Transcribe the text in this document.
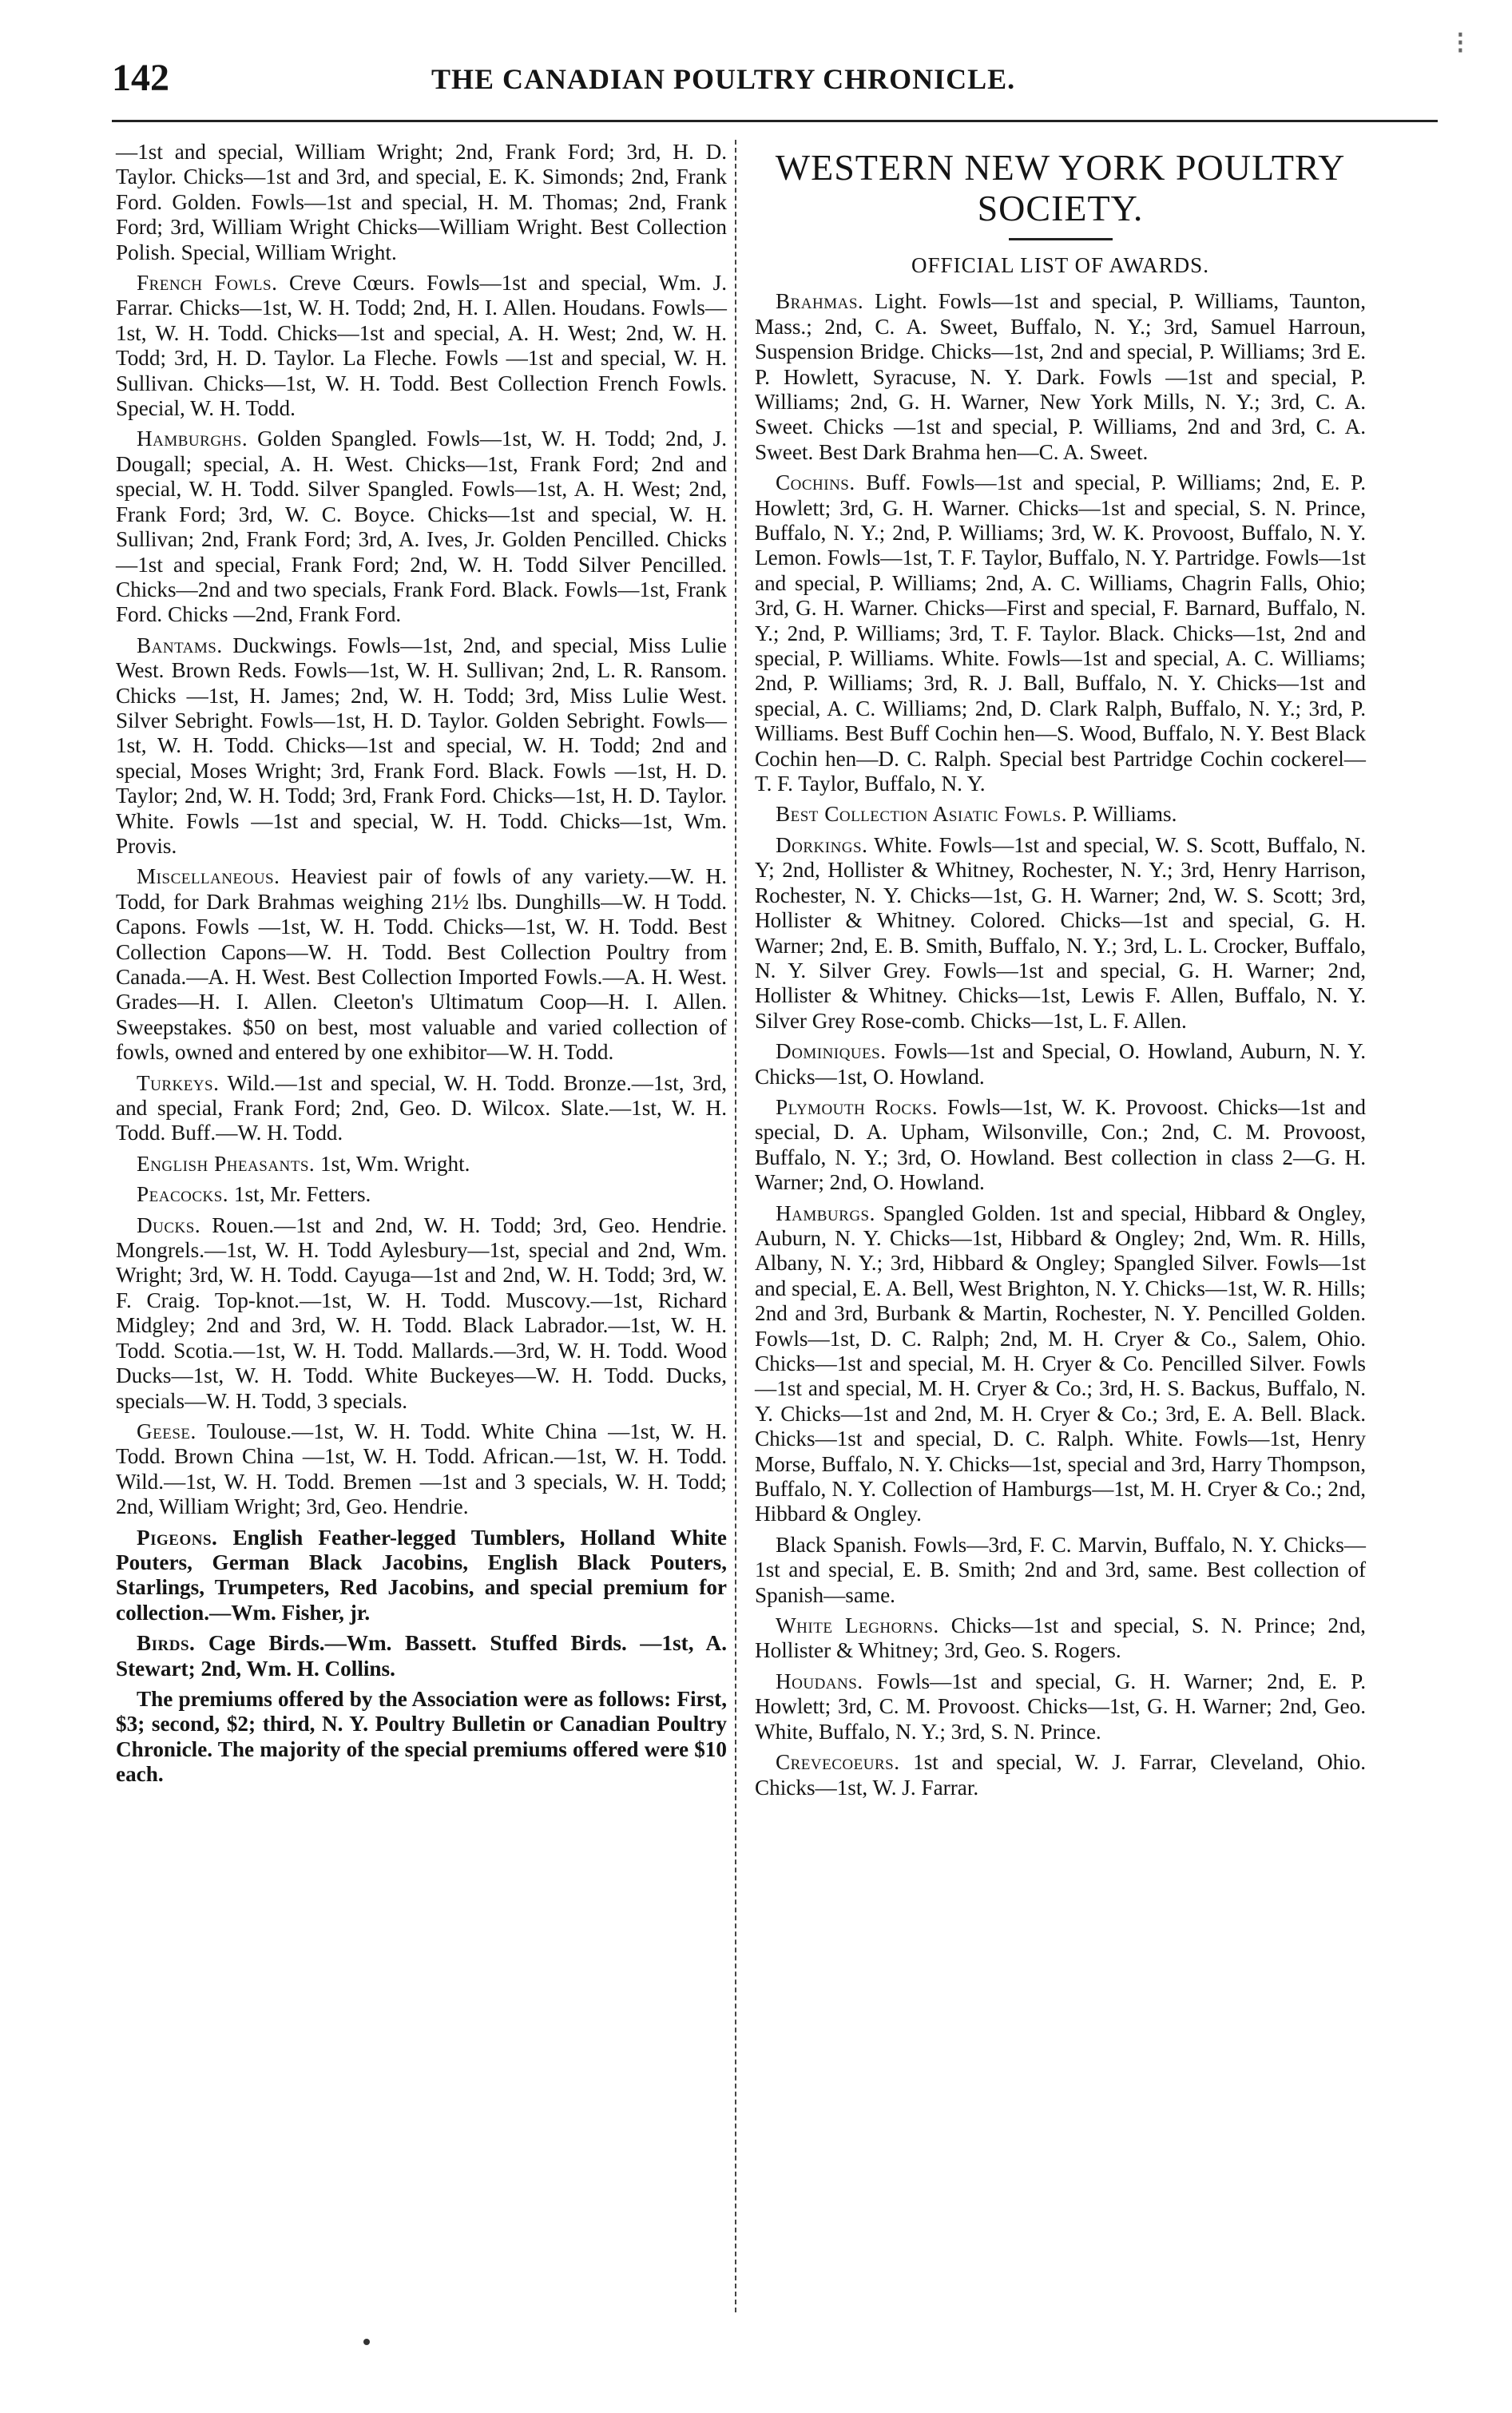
142	THE CANADIAN POULTRY CHRONICLE.

—1st and special, William Wright; 2nd, Frank Ford; 3rd, H. D. Taylor. Chicks—1st and 3rd, and special, E. K. Simonds; 2nd, Frank Ford. Golden. Fowls—1st and special, H. M. Thomas; 2nd, Frank Ford; 3rd, William Wright Chicks—William Wright. Best Collection Polish. Special, William Wright.

French Fowls. Creve Cœurs. Fowls—1st and special, Wm. J. Farrar. Chicks—1st, W. H. Todd; 2nd, H. I. Allen. Houdans. Fowls—1st, W. H. Todd. Chicks—1st and special, A. H. West; 2nd, W. H. Todd; 3rd, H. D. Taylor. La Fleche. Fowls —1st and special, W. H. Sullivan. Chicks—1st, W. H. Todd. Best Collection French Fowls. Special, W. H. Todd.

Hamburghs. Golden Spangled. Fowls—1st, W. H. Todd; 2nd, J. Dougall; special, A. H. West. Chicks—1st, Frank Ford; 2nd and special, W. H. Todd. Silver Spangled. Fowls—1st, A. H. West; 2nd, Frank Ford; 3rd, W. C. Boyce. Chicks—1st and special, W. H. Sullivan; 2nd, Frank Ford; 3rd, A. Ives, Jr. Golden Pencilled. Chicks—1st and special, Frank Ford; 2nd, W. H. Todd Silver Pencilled. Chicks—2nd and two specials, Frank Ford. Black. Fowls—1st, Frank Ford. Chicks —2nd, Frank Ford.

Bantams. Duckwings. Fowls—1st, 2nd, and special, Miss Lulie West. Brown Reds. Fowls—1st, W. H. Sullivan; 2nd, L. R. Ransom. Chicks —1st, H. James; 2nd, W. H. Todd; 3rd, Miss Lulie West. Silver Sebright. Fowls—1st, H. D. Taylor. Golden Sebright. Fowls—1st, W. H. Todd. Chicks—1st and special, W. H. Todd; 2nd and special, Moses Wright; 3rd, Frank Ford. Black. Fowls —1st, H. D. Taylor; 2nd, W. H. Todd; 3rd, Frank Ford. Chicks—1st, H. D. Taylor. White. Fowls —1st and special, W. H. Todd. Chicks—1st, Wm. Provis.

Miscellaneous. Heaviest pair of fowls of any variety.—W. H. Todd, for Dark Brahmas weighing 21½ lbs. Dunghills—W. H Todd. Capons. Fowls —1st, W. H. Todd. Chicks—1st, W. H. Todd. Best Collection Capons—W. H. Todd. Best Collection Poultry from Canada.—A. H. West. Best Collection Imported Fowls.—A. H. West. Grades—H. I. Allen. Cleeton's Ultimatum Coop—H. I. Allen. Sweepstakes. $50 on best, most valuable and varied collection of fowls, owned and entered by one exhibitor—W. H. Todd.

Turkeys. Wild.—1st and special, W. H. Todd. Bronze.—1st, 3rd, and special, Frank Ford; 2nd, Geo. D. Wilcox. Slate.—1st, W. H. Todd. Buff.—W. H. Todd.

English Pheasants. 1st, Wm. Wright.

Peacocks. 1st, Mr. Fetters.

Ducks. Rouen.—1st and 2nd, W. H. Todd; 3rd, Geo. Hendrie. Mongrels.—1st, W. H. Todd Aylesbury—1st, special and 2nd, Wm. Wright; 3rd, W. H. Todd. Cayuga—1st and 2nd, W. H. Todd; 3rd, W. F. Craig. Top-knot.—1st, W. H. Todd. Muscovy.—1st, Richard Midgley; 2nd and 3rd, W. H. Todd. Black Labrador.—1st, W. H. Todd. Scotia.—1st, W. H. Todd. Mallards.—3rd, W. H. Todd. Wood Ducks—1st, W. H. Todd. White Buckeyes—W. H. Todd. Ducks, specials—W. H. Todd, 3 specials.

Geese. Toulouse.—1st, W. H. Todd. White China —1st, W. H. Todd. Brown China —1st, W. H. Todd. African.—1st, W. H. Todd. Wild.—1st, W. H. Todd. Bremen —1st and 3 specials, W. H. Todd; 2nd, William Wright; 3rd, Geo. Hendrie.

Pigeons. English Feather-legged Tumblers, Holland White Pouters, German Black Jacobins, English Black Pouters, Starlings, Trumpeters, Red Jacobins, and special premium for collection.—Wm. Fisher, jr.

Birds. Cage Birds.—Wm. Bassett. Stuffed Birds. —1st, A. Stewart; 2nd, Wm. H. Collins.

The premiums offered by the Association were as follows: First, $3; second, $2; third, N. Y. Poultry Bulletin or Canadian Poultry Chronicle. The majority of the special premiums offered were $10 each.

WESTERN NEW YORK POULTRY SOCIETY.
OFFICIAL LIST OF AWARDS.

Brahmas. Light. Fowls—1st and special, P. Williams, Taunton, Mass.; 2nd, C. A. Sweet, Buffalo, N. Y.; 3rd, Samuel Harroun, Suspension Bridge. Chicks—1st, 2nd and special, P. Williams; 3rd E. P. Howlett, Syracuse, N. Y. Dark. Fowls —1st and special, P. Williams; 2nd, G. H. Warner, New York Mills, N. Y.; 3rd, C. A. Sweet. Chicks —1st and special, P. Williams, 2nd and 3rd, C. A. Sweet. Best Dark Brahma hen—C. A. Sweet.

Cochins. Buff. Fowls—1st and special, P. Williams; 2nd, E. P. Howlett; 3rd, G. H. Warner. Chicks—1st and special, S. N. Prince, Buffalo, N. Y.; 2nd, P. Williams; 3rd, W. K. Provoost, Buffalo, N. Y. Lemon. Fowls—1st, T. F. Taylor, Buffalo, N. Y. Partridge. Fowls—1st and special, P. Williams; 2nd, A. C. Williams, Chagrin Falls, Ohio; 3rd, G. H. Warner. Chicks—First and special, F. Barnard, Buffalo, N. Y.; 2nd, P. Williams; 3rd, T. F. Taylor. Black. Chicks—1st, 2nd and special, P. Williams. White. Fowls—1st and special, A. C. Williams; 2nd, P. Williams; 3rd, R. J. Ball, Buffalo, N. Y. Chicks—1st and special, A. C. Williams; 2nd, D. Clark Ralph, Buffalo, N. Y.; 3rd, P. Williams. Best Buff Cochin hen—S. Wood, Buffalo, N. Y. Best Black Cochin hen—D. C. Ralph. Special best Partridge Cochin cockerel—T. F. Taylor, Buffalo, N. Y.

Best Collection Asiatic Fowls. P. Williams.

Dorkings. White. Fowls—1st and special, W. S. Scott, Buffalo, N. Y; 2nd, Hollister & Whitney, Rochester, N. Y.; 3rd, Henry Harrison, Rochester, N. Y. Chicks—1st, G. H. Warner; 2nd, W. S. Scott; 3rd, Hollister & Whitney. Colored. Chicks—1st and special, G. H. Warner; 2nd, E. B. Smith, Buffalo, N. Y.; 3rd, L. L. Crocker, Buffalo, N. Y. Silver Grey. Fowls—1st and special, G. H. Warner; 2nd, Hollister & Whitney. Chicks—1st, Lewis F. Allen, Buffalo, N. Y. Silver Grey Rose-comb. Chicks—1st, L. F. Allen.

Dominiques. Fowls—1st and Special, O. Howland, Auburn, N. Y. Chicks—1st, O. Howland.

Plymouth Rocks. Fowls—1st, W. K. Provoost. Chicks—1st and special, D. A. Upham, Wilsonville, Con.; 2nd, C. M. Provoost, Buffalo, N. Y.; 3rd, O. Howland. Best collection in class 2—G. H. Warner; 2nd, O. Howland.

Hamburgs. Spangled Golden. 1st and special, Hibbard & Ongley, Auburn, N. Y. Chicks—1st, Hibbard & Ongley; 2nd, Wm. R. Hills, Albany, N. Y.; 3rd, Hibbard & Ongley; Spangled Silver. Fowls—1st and special, E. A. Bell, West Brighton, N. Y. Chicks—1st, W. R. Hills; 2nd and 3rd, Burbank & Martin, Rochester, N. Y. Pencilled Golden. Fowls—1st, D. C. Ralph; 2nd, M. H. Cryer & Co., Salem, Ohio. Chicks—1st and special, M. H. Cryer & Co. Pencilled Silver. Fowls—1st and special, M. H. Cryer & Co.; 3rd, H. S. Backus, Buffalo, N. Y. Chicks—1st and 2nd, M. H. Cryer & Co.; 3rd, E. A. Bell. Black. Chicks—1st and special, D. C. Ralph. White. Fowls—1st, Henry Morse, Buffalo, N. Y. Chicks—1st, special and 3rd, Harry Thompson, Buffalo, N. Y. Collection of Hamburgs—1st, M. H. Cryer & Co.; 2nd, Hibbard & Ongley.

Black Spanish. Fowls—3rd, F. C. Marvin, Buffalo, N. Y. Chicks—1st and special, E. B. Smith; 2nd and 3rd, same. Best collection of Spanish—same.

White Leghorns. Chicks—1st and special, S. N. Prince; 2nd, Hollister & Whitney; 3rd, Geo. S. Rogers.

Houdans. Fowls—1st and special, G. H. Warner; 2nd, E. P. Howlett; 3rd, C. M. Provoost. Chicks—1st, G. H. Warner; 2nd, Geo. White, Buffalo, N. Y.; 3rd, S. N. Prince.

Crevecoeurs. 1st and special, W. J. Farrar, Cleveland, Ohio. Chicks—1st, W. J. Farrar.

⁝
